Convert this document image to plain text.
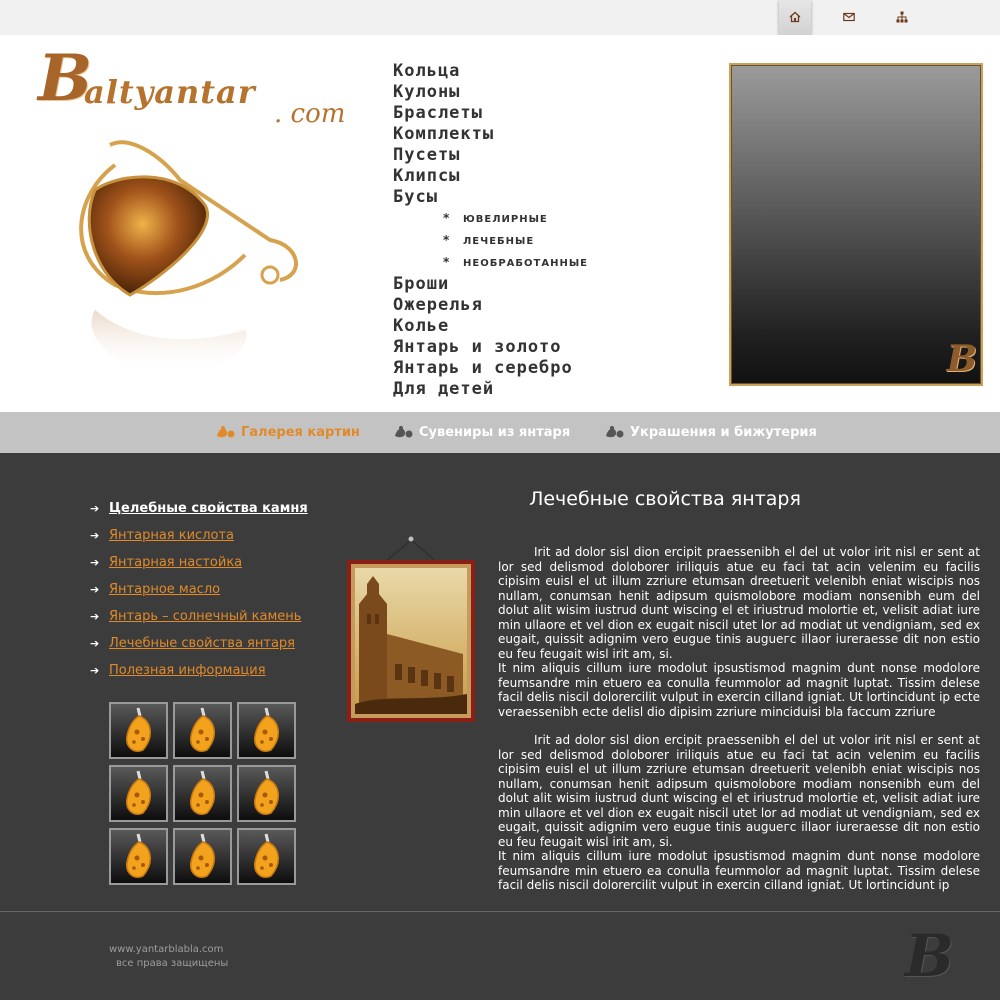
B
altyantar
. com
Кольца
Кулоны
Браслеты
Комплекты
Пусеты
Клипсы
Бусы
* ЮВЕЛИРНЫЕ
* ЛЕЧЕБНЫЕ
* НЕОБРАБОТАННЫЕ
Броши
Ожерелья
Колье
Янтарь и золото
Янтарь и серебро
Для детей
B
Галерея картин	Сувениры из янтаря	Украшения и бижутерия
➔ Целебные свойства камня
➔ Янтарная кислота
➔ Янтарная настойка
➔ Янтарное масло
➔ Янтарь – солнечный камень
➔ Лечебные свойства янтаря
➔ Полезная информация
Лечебные свойства янтаря

Irit ad dolor sisl dion ercipit praessenibh el del ut volor irit nisl er sent at lor sed delismod doloborer iriliquis atue eu faci tat acin velenim eu facilis cipisim euisl el ut illum zzriure etumsan dreetuerit velenibh eniat wiscipis nos nullam, conumsan henit adipsum quismolobore modiam nonsenibh eum del dolut alit wisim iustrud dunt wiscing el et iriustrud molortie et, velisit adiat iure min ullaore et vel dion ex eugait niscil utet lor ad modiat ut vendigniam, sed ex eugait, quissit adignim vero eugue tinis augueгc illaor iureraesse dit non estio eu feu feugait wisl irit am, si.

It nim aliquis cillum iure modolut ipsustismod magnim dunt nonse modolore feumsandre min etuero ea conulla feummolor ad magnit luptat. Tissim delese facil delis niscil dolorercilit vulput in exercin cilland igniat. Ut lortincidunt ip ecte veraessenibh ecte delisl dio dipisim zzriure minciduisi bla faccum zzriure

Irit ad dolor sisl dion ercipit praessenibh el del ut volor irit nisl er sent at lor sed delismod doloborer iriliquis atue eu faci tat acin velenim eu facilis cipisim euisl el ut illum zzriure etumsan dreetuerit velenibh eniat wiscipis nos nullam, conumsan henit adipsum quismolobore modiam nonsenibh eum del dolut alit wisim iustrud dunt wiscing el et iriustrud molortie et, velisit adiat iure min ullaore et vel dion ex eugait niscil utet lor ad modiat ut vendigniam, sed ex eugait, quissit adignim vero eugue tinis augueгc illaor iureraesse dit non estio eu feu feugait wisl irit am, si.

It nim aliquis cillum iure modolut ipsustismod magnim dunt nonse modolore feumsandre min etuero ea conulla feummolor ad magnit luptat. Tissim delese facil delis niscil dolorercilit vulput in exercin cilland igniat. Ut lortincidunt ip

www.yantarblabla.com
все права защищены	B
